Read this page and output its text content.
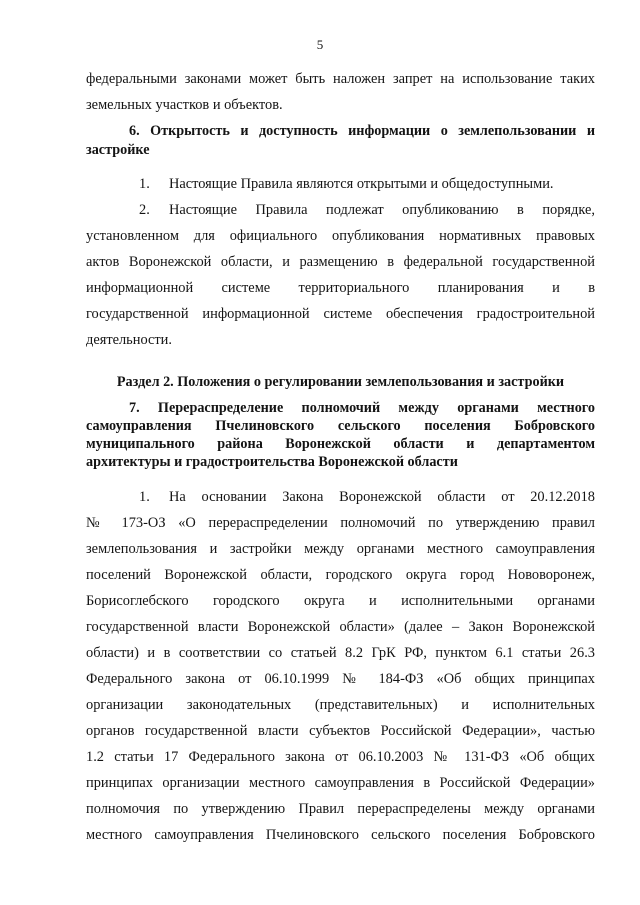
5
федеральными законами может быть наложен запрет на использование таких
земельных участков и объектов.
6. Открытость и доступность информации о землепользовании и
застройке
1. Настоящие Правила являются открытыми и общедоступными.
2.	Настоящие Правила подлежат опубликованию в порядке,
установленном для официального опубликования нормативных правовых
актов Воронежской области, и размещению в федеральной государственной
информационной системе территориального планирования и в
государственной информационной системе обеспечения градостроительной
деятельности.
Раздел 2. Положения о регулировании землепользования и застройки
7. Перераспределение полномочий между органами местного
самоуправления Пчелиновского сельского поселения Бобровского
муниципального района Воронежской области и департаментом
архитектуры и градостроительства Воронежской области
1.	На основании Закона Воронежской области от 20.12.2018
№ 173-ОЗ «О перераспределении полномочий по утверждению правил
землепользования и застройки между органами местного самоуправления
поселений Воронежской области, городского округа город Нововоронеж,
Борисоглебского городского округа и исполнительными органами
государственной власти Воронежской области» (далее – Закон Воронежской
области) и в соответствии со статьей 8.2 ГрК РФ, пунктом 6.1 статьи 26.3
Федерального закона от 06.10.1999 № 184-ФЗ «Об общих принципах
организации законодательных (представительных) и исполнительных
органов государственной власти субъектов Российской Федерации», частью
1.2 статьи 17 Федерального закона от 06.10.2003 № 131-ФЗ «Об общих
принципах организации местного самоуправления в Российской Федерации»
полномочия по утверждению Правил перераспределены между органами
местного самоуправления Пчелиновского сельского поселения Бобровского
